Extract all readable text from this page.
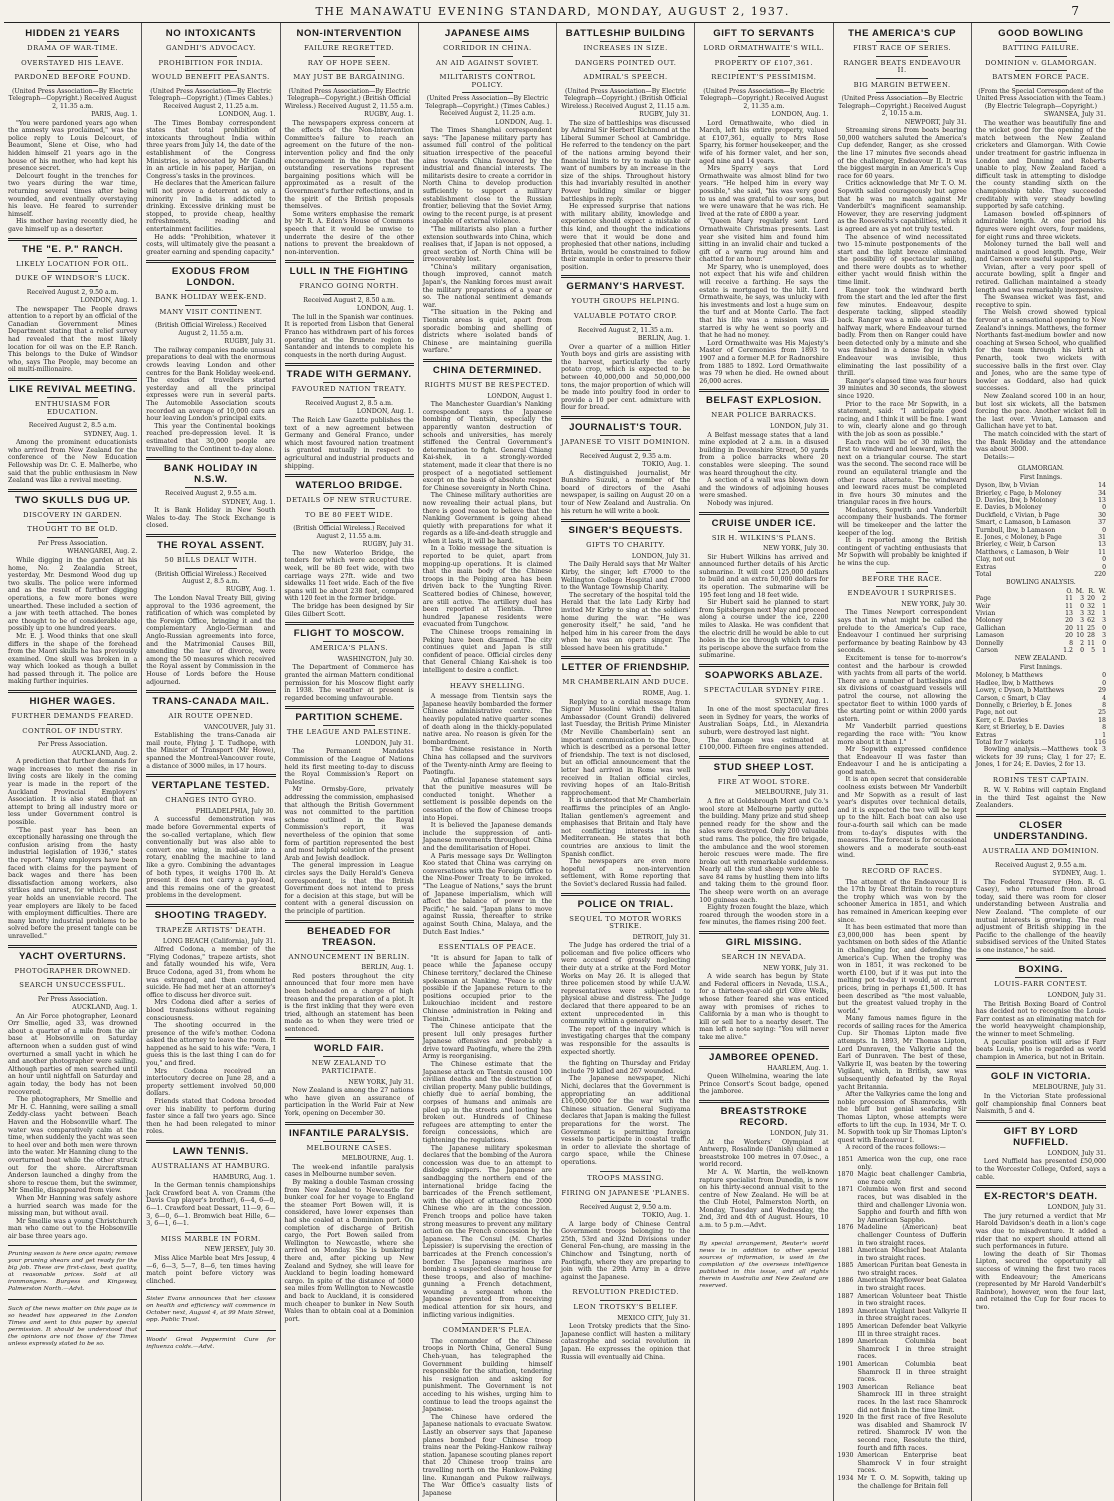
THE MANAWATU EVENING STANDARD, MONDAY, AUGUST 2, 1937.	7
HIDDEN 21 YEARS
DRAMA OF WAR-TIME.
OVERSTAYED HIS LEAVE.
PARDONED BEFORE FOUND.
(United Press Association—By Electric Telegraph—Copyright.) Received August 2, 11.35 a.m.
PARIS, Aug. 1.

"You were pardoned years ago when the amnesty was proclaimed," was the police reply to Louis Delcourt, of Beaumont, Slene et Oise, who had hidden himself 21 years ago in the house of his mother, who had kept his presence secret.

Delcourt fought in the trenches for two years during the war time, returning several times after being wounded, and eventually overstaying his leave. He feared to surrender himself.

His mother having recently died, he gave himself up as a deserter.

THE "E. P." RANCH.
LIKELY LOCATION FOR OIL.
DUKE OF WINDSOR'S LUCK.
Received August 2, 9.50 a.m.
LONDON, Aug. 1.

The newspaper The People draws attention to a report by an official of the Canadian Government Mines Department stating that a relief survey had revealed that the most likely location for oil was on the E.P. Ranch. This belongs to the Duke of Windsor who, says The People, may become an oil multi-millionaire.

LIKE REVIVAL MEETING.
ENTHUSIASM FOR EDUCATION.
Received August 2, 8.5 a.m.
SYDNEY, Aug. 1.

Among the prominent educationists who arrived from New Zealand for the conference of the New Education Fellowship was Dr. C. E. Malherbe, who said that the public enthusiasm in New Zealand was like a revival meeting.

TWO SKULLS DUG UP.
DISCOVERY IN GARDEN.
THOUGHT TO BE OLD.
Per Press Association.
WHANGAREI, Aug. 2.

While digging in the garden at his home, No. 2 Zealandia Street, yesterday, Mr. Desmond Wood dug up two skulls. The police were informed and as the result of further digging operations, a few more bones were unearthed. These included a section of a jaw with teeth attached. The bones are thought to be of considerable age, possibly up to one hundred years.

Mr. E. J. Wood thinks that one skull differs in the shape of the forehead from the Maori skulls he has previously examined. One skull was broken in a way which looked as though a bullet had passed through it. The police are making further inquiries.

HIGHER WAGES.
FURTHER DEMANDS FEARED.
CONTROL OF INDUSTRY.
Per Press Association.
AUCKLAND, Aug. 2.

A prediction that further demands for wage increases to meet the rise in living costs are likely in the coming year is made in the report of the Auckland Provincial Employers' Association. It is also stated that an attempt to bring all industry more or less under Government control is possible.

"The past year has been an exceptionally harassing one through the confusion arising from the hasty industrial legislation of 1936," states the report. "Many employers have been faced with claims for the payment of back wages and there has been dissatisfaction among workers, also strikes and unrest, for which the past year holds an unenviable record. The year employers are likely to be faced with employment difficulties. There are many knotty industrial problems to be solved before the present tangle can be unravelled."

YACHT OVERTURNS.
PHOTOGRAPHER DROWNED.
SEARCH UNSUCCESSFUL.
Per Press Association.
AUCKLAND, Aug. 1.

An Air Force photographer, Leonard Orr Smellie, aged 33, was drowned about a quarter of a mile from the air base at Hobsonville on Saturday afternoon when a sudden gust of wind overturned a small yacht in which he and another photographer were sailing. Although parties of men searched until an hour until nightfall on Saturday and again today, the body has not been recovered.

The photographers, Mr Smellie and Mr H. C. Hanning, were sailing a small Zeddy-class yacht between Beach Haven and the Hobsonville wharf. The water was comparatively calm at the time, when suddenly the yacht was seen to heel over and both men were thrown into the water. Mr Hanning clung to the overturned boat while the other struck out for the shore. Aircraftsman Anderson launched a dinghy from the shore to rescue them, but the swimmer, Mr Smellie, disappeared from view.

When Mr Hanning was safely ashore a hurried search was made for the missing man, but without avail.

Mr Smellie was a young Christchurch man who came out to the Hobsonville air base three years ago.

Pruning season is here once again; remove your pruning shears and get ready for the big job. These are first-class, best quality, at reasonable prices. Sold at all ironmongers. Burgess and Kingsway, Palmerston North.—Advt.

Such of the news matter on this page as is so headed has appeared in the London Times and sent to this paper by special permission. It should be understood that the opinions are not those of the Times unless expressly stated to be so.

NO INTOXICANTS
GANDHI'S ADVOCACY.
PROHIBITION FOR INDIA.
WOULD BENEFIT PEASANTS.
(United Press Association—By Electric Telegraph—Copyright.) (Times Cables.) Received August 2, 11.25 a.m.
LONDON, Aug. 1.

The Times Bombay correspondent states that total prohibition of intoxicants throughout India within three years from July 14, the date of the establishment of the Congress Ministries, is advocated by Mr Gandhi in an article in his paper, Harijan, on Congress's tasks in the provinces.

He declares that the American failure will not prove a deterrent as only a minority in India is addicted to drinking. Excessive drinking must be stopped, to provide cheap, healthy refreshments, reading and entertainment facilities.

He adds: "Prohibition, whatever it costs, will ultimately give the peasant a greater earning and spending capacity."

EXODUS FROM LONDON.
BANK HOLIDAY WEEK-END.
MANY VISIT CONTINENT.
(British Official Wireless.) Received August 2, 11.55 a.m.
RUGBY, July 31.

The railway companies made unusual preparations to deal with the enormous crowds leaving London and other centres for the Bank Holiday week-end. The exodus of travellers started yesterday and all the principal expresses were run in several parts. The Automobile Association scouts recorded an average of 10,000 cars an hour leaving London's principal exits.

This year the Continental bookings reached pre-depression level. It is estimated that 30,000 people are travelling to the Continent to-day alone.

BANK HOLIDAY IN N.S.W.
Received August 2, 9.55 a.m.
SYDNEY, Aug. 1.

It is Bank Holiday in New South Wales to-day. The Stock Exchange is closed.

THE ROYAL ASSENT.
50 BILLS DEALT WITH.
(British Official Wireless.) Received August 2, 8.5 a.m.
RUGBY, Aug. 1.

The London Naval Treaty Bill, giving approval to the 1936 agreement, the ratification of which was completed by the Foreign Office, bringing it and the complementary Anglo-German and Anglo-Russian agreements into force, and the Matrimonial Causes Bill, amending the law of divorce, were among the 50 measures which received the Royal assent by Commission in the House of Lords before the House adjourned.

TRANS-CANADA MAIL.
AIR ROUTE OPENED.
VANCOUVER, July 31.

Establishing the trans-Canada air mail route, Flying J. T. Tudhope, with the Minister of Transport (Mr Howe), spanned the Montreal-Vancouver route, a distance of 3000 miles, in 17 hours.

VERTAPLANE TESTED.
CHANGES INTO GYRO.
PHILADELPHIA, July 30.

A successful demonstration was made before Governmental experts of the so-called vertaplane, which flew conventionally but was also able to convert one wing, in mid-air into a rotary, enabling the machine to land like a gyro. Combining the advantages of both types, it weighs 1700 lb. At present it does not carry a pay-load, and this remains one of the greatest problems in the development.

SHOOTING TRAGEDY.
TRAPEZE ARTISTS' DEATH.
LONG BEACH (California), July 31.

Alfred Codona, a member of the "Flying Codonas," trapeze artists, shot and fatally wounded his wife, Vera Bruce Codona, aged 31, from whom he was estranged, and then committed suicide. He had met her at an attorney's office to discuss her divorce suit.

Mrs Codona died after a series of blood transfusions without regaining consciousness.

The shooting occurred in the presence of the wife's mother. Codona asked the attorney to leave the room. It happened as he said to his wife: "Vera, I guess this is the last thing I can do for you," and fired.

Mrs Codona received an interlocutory decree on June 28, and a property settlement involved 50,000 dollars.

Friends stated that Codona brooded over his inability to perform during faster since a fall two years ago. Since then he had been relegated to minor roles.

LAWN TENNIS.
AUSTRALIANS AT HAMBURG.
HAMBURG, Aug. 1.

In the German tennis championships Jack Crawford beat A. von Cramm (the Davis Cup player's brother), 6—4, 6—0, 6—1. Crawford beat Dessart, 11—9, 6—3, 6—0, 6—1. Bromwich beat Hille, 6—3, 6—1, 6—1.

MISS MARBLE IN FORM.
NEW JERSEY, July 30.

Miss Alice Marble beat Mrs Jessup, 4—6, 6—3, 5—7, 8—6, ten times having match point before victory was clinched.

Sister Evans announces that her classes on health and efficiency will commence in October next, August 4, at 99 Main Street, opp. Public Trust.

Woods' Great Peppermint Cure for influenza colds.—Advt.

NON-INTERVENTION
FAILURE REGRETTED.
RAY OF HOPE SEEN.
MAY JUST BE BARGAINING.
(United Press Association—By Electric Telegraph—Copyright.) (British Official Wireless.) Received August 2, 11.55 a.m.
RUGBY, Aug. 1.

The newspapers express concern at the effects of the Non-Intervention Committee's failure to reach an agreement on the future of the non-intervention policy and find the only encouragement in the hope that the outstanding reservations represent bargaining positions which will be approximated as a result of the Government's further reflections, and in the spirit of the British proposals themselves.

Some writers emphasise the remark by Mr R. A. Eden's House of Commons speech that it would be unwise to underrate the desire of the other nations to prevent the breakdown of non-intervention.

LULL IN THE FIGHTING
FRANCO GOING NORTH.
Received August 2, 8.50 a.m.
LONDON, Aug. 1.

The lull in the Spanish war continues. It is reported from Lisbon that General Franco has withdrawn part of his forces operating at the Brunete region to Santander and intends to complete his conquests in the north during August.

TRADE WITH GERMANY.
FAVOURED NATION TREATY.
Received August 2, 8.5 a.m.
LONDON, Aug. 1.

The Reich Law Gazette publishes the text of a new agreement between Germany and General Franco, under which most favoured nation treatment is granted mutually in respect to agricultural and industrial products and shipping.

WATERLOO BRIDGE.
DETAILS OF NEW STRUCTURE.
TO BE 80 FEET WIDE.
(British Official Wireless.) Received August 2, 11.55 a.m.
RUGBY, July 31.

The new Waterloo Bridge, the tenders for which were accepted this week, will be 80 feet wide, with two carriage ways 27ft. wide and two sidewalks 11 feet wide. Each of the five spans will be about 238 feet, compared with 120 feet in the former bridge.

The bridge has been designed by Sir Giles Gilbert Scott.

FLIGHT TO MOSCOW.
AMERICA'S PLANS.
WASHINGTON, July 30.

The Department of Commerce has granted the airman Mattern conditional permission for his Moscow flight early in 1938. The weather at present is regarded becoming unfavourable.

PARTITION SCHEME.
THE LEAGUE AND PALESTINE.
LONDON, July 31.

The Permanent Mandates Commission of the League of Nations held its first meeting to-day to discuss the Royal Commission's Report on Palestine.

Mr Ormsby-Gore, privately addressing the commission, emphasised that although the British Government was not committed to the partition scheme outlined in the Royal Commission's report, it was nevertheless of the opinion that some form of partition represented the best and most helpful solution of the present Arab and Jewish deadlock.

The general impression in League circles says the Daily Herald's Geneva correspondent, is that the British Government does not intend to press for a decision at this stage, but will be content with a general discussion on the principle of partition.

BEHEADED FOR TREASON.
ANNOUNCEMENT IN BERLIN.
BERLIN, Aug. 1.

Red posters throughout the city announced that four more men have been beheaded on a charge of high treason and the preparation of a plot. It is the first inkling that they were even tried, although an statement has been made as to when they were tried or sentenced.

WORLD FAIR.
NEW ZEALAND TO PARTICIPATE.
NEW YORK, July 31.

New Zealand is among the 27 nations who have given an assurance of participation in the World Fair at New York, opening on December 30.

INFANTILE PARALYSIS.
MELBOURNE CASES.
MELBOURNE, Aug. 1.

The week-end infantile paralysis cases in Melbourne number seven.

By making a double Tasman crossing from New Zealand to Newcastle for bunker coal for her voyage to England the steamer Port Bowen will, it is considered, have lower expenses than had she coaled at a Dominion port. On completion of discharge of British cargo, the Port Bowen sailed from Wellington to Newcastle, where she arrived on Monday. She is bunkering there and, after picking up New Zealand and Sydney, she will leave for Auckland to begin loading homeward cargo. In spite of the distance of 5000 sea miles from Wellington to Newcastle and back to Auckland, it is considered much cheaper to bunker in New South Wales than to obtain coal at a Dominion port.

JAPANESE AIMS
CORRIDOR IN CHINA.
AN AID AGAINST SOVIET.
MILITARISTS CONTROL POLICY.
(United Press Association—By Electric Telegraph—Copyright.) (Times Cables.) Received August 2, 11.25 a.m.
LONDON, Aug. 1.

The Times Shanghai correspondent says: "The Japanese military party has assumed full control of the political situation irrespective of the peaceful aims towards China favoured by the industrial and financial interests. The militarists desire to create a corridor in North China to develop production sufficiently to support a military establishment close to the Russian frontier, believing that the Soviet Army, owing to the recent purge, is at present incapable of external violence.

"The militarists also plan a further extension southwards into China, which realises that, if Japan is not opposed, a great section of North China will be irrecoverably lost.

"China's military organisation, though improved, cannot match Japan's, the Nanking forces must await the military preparations of a year or so. The national sentiment demands war.

"The situation in the Peking and Tientsin areas is quiet, apart from sporadic bombing and shelling of districts where isolated bands of Chinese are maintaining guerilla warfare."

CHINA DETERMINED.
RIGHTS MUST BE RESPECTED.
LONDON, August 1.

The Manchester Guardian's Nanking correspondent says the Japanese bombing of Tientsin, especially the apparently wanton destruction of schools and universities, has merely stiffened the Central Government's determination to fight. General Chiang Kai-shek, in a strongly-worded statement, made it clear that there is no prospect of a negotiated settlement except on the basis of absolute respect for Chinese sovereignty in North China.

The Chinese military authorities are now revealing their actual plans, but there is good reason to believe that the Nanking Government is going ahead quietly with preparations for what it regards as a life-and-death struggle and when it lasts, it will be hard.

In a Tokio message the situation is reported to be quiet, apart from mopping-up operations. It is claimed that the main body of the Chinese troops in the Peiping area has been driven back to the Yungting River. Scattered bodies of Chinese, however, are still active. The artillery duel has been reported at Tientsin. Three hundred Japanese residents were evacuated from Tungchow.

The Chinese troops remaining in Peking have been disarmed. The city continues quiet and Japan is still confident of peace. Official circles deny that General Chiang Kai-shek is too intelligent to desire a conflict.

HEAVY SHELLING.

A message from Tientsin says the Japanese heavily bombarded the former Chinese administrative centre. The heavily populated native quarter scenes of death along in the thickly-populated native area. No reason is given for the bombardment.

The Chinese resistance in North China has collapsed and the survivors of the Twenty-ninth Army are fleeing to Paotingfu.

An official Japanese statement says that the punitive measures will be conducted tonight. Whether a settlement is possible depends on the cessation of the flow of Chinese troops into Hopei.

It is believed the Japanese demands include the suppression of anti-Japanese movements throughout China and the demilitarisation of Hopei.

A Paris message says Dr. Wellington Koo stated that China was carrying on conversations with the Foreign Office to the Nine-Power Treaty to be invoked. "The League of Nations," says the brunt of Japanese imperialism, which will affect the balance of power in the Pacific," he said. "Japan plans to move against Russia, thereafter to strike against South China, Malaya, and the Dutch East Indies."

ESSENTIALS OF PEACE.

"It is absurd for Japan to talk of peace while the Japanese occupy Chinese territory," declared the Chinese spokesman at Nanking. "Peace is only possible if the Japanese return to the positions occupied prior to the Lukouchiao incident and restore Chinese administration in Peking and Tientsin."

The Chinese anticipate that the present lull only presages further Japanese offensives and probably a drive toward Paotingfu, where the 29th Army is reorganising.

The Chinese estimate that the Japanese attack on Tientsin caused 100 civilian deaths and the destruction of civilian property. Many public buildings, chiefly due to aerial bombing, the corpses of humans and animals are piled up in the streets and looting has broken out. Hundreds of Chinese refugees are attempting to enter the foreign concessions, which are tightening the regulations.

The Japanese military spokesman declares that the bombing of the Aurora concession was due to an attempt to dislodge snipers. The Japanese are sandbagging the northern end of the international bridge facing the barricades of the French settlement, with the object of attacking the 2000 Chinese who are in the concession. French troops and police have taken strong measures to prevent any military action on the French concession by the Japanese. The Consul (M. Charles Lepissier) is supervising the erection of barricades at the French concession's border. The Japanese marines are bombing a suspected clearing house for these troops, and also of machine-gunning a French detachment, wounding a sergeant whom the Japanese prevented from receiving medical attention for six hours, and inflicting various indignities.

COMMANDER'S PLEA.

The commander of the Chinese troops in North China, General Sung Cheh-yuan, has telegraphed the Government building himself responsible for the situation, tendering his resignation and asking for punishment. The Government is not acceding to his wishes, urging him to continue to lead the troops against the Japanese.

The Chinese have ordered the Japanese nationals to evacuate Swatow. Lastly an observer says that Japanese planes bombed four Chinese troop trains near the Peking-Hankow railway station. Japanese scouting planes report that 20 Chinese troop trains are travelling north on the Hankow-Peking line. Kunangan and Pukow railways. The War Office's casualty lists of Japanese

BATTLESHIP BUILDING
INCREASES IN SIZE.
DANGERS POINTED OUT.
ADMIRAL'S SPEECH.
(United Press Association—By Electric Telegraph—Copyright.) (British Official Wireless.) Received August 2, 11.15 a.m.
RUGBY, July 31.

The size of battleships was discussed by Admiral Sir Herbert Richmond at the Liberal Summer School at Cambridge. He referred to the tendency on the part of the nations arming beyond their financial limits to try to make up their want of numbers by an increase in the size of the ships. Throughout history this had invariably resulted in another Power building similar or bigger battleships in reply.

He expressed surprise that nations with military ability, knowledge and experience should expect a mistake of this kind, and thought the indications were that it would be done and prophesied that other nations, including Britain, would be constrained to follow their example in order to preserve their position.

GERMANY'S HARVEST.
YOUTH GROUPS HELPING.
VALUABLE POTATO CROP.
Received August 2, 11.35 a.m.
BERLIN, Aug. 1.

Over a quarter of a million Hitler Youth boys and girls are assisting with the harvest, particularly the early potato crop, which is expected to be between 40,000,000 and 50,000,000 tons, the major proportion of which will be made into poultry food in order to provide a 10 per cent. admixture with flour for bread.

JOURNALIST'S TOUR.
JAPANESE TO VISIT DOMINION.
Received August 2, 9.35 a.m.
TOKIO, Aug. 1.

A distinguished journalist, Mr Bunshiro Suzuki, a member of the board of directors of the Asahi newspaper, is sailing on August 20 on a tour of New Zealand and Australia. On his return he will write a book.

SINGER'S BEQUESTS.
GIFTS TO CHARITY.
LONDON, July 31.

The Daily Herald says that Mr Walter Kirby, the singer, left £7000 to the Wellington College Hospital and £7000 to the Wantage Township Charity.

The secretary of the hospital told the Herald that the late Lady Kirby had invited Mr Kirby to sing at the soldiers' home during the war. "He was generosity itself," he said, "and he helped him in his career from the days when he was an opera singer. The blessed have been his gratitude."

LETTER OF FRIENDSHIP.
MR CHAMBERLAIN AND DUCE.
ROME, Aug. 1.

Replying to a cordial message from Signor Mussolini which the Italian Ambassador (Count Grandi) delivered last Tuesday, the British Prime Minister (Mr Neville Chamberlain) sent an important communication to the Duce, which is described as a personal letter of friendship. The text is not disclosed, but an official announcement that the letter had arrived in Rome was well received in Italian official circles, reviving hopes of an Italo-British rapprochement.

It is understood that Mr Chamberlain reaffirms the principles of an Anglo-Italian gentlemen's agreement and emphasises that Britain and Italy have not conflicting interests in the Mediterranean. He states that both countries are anxious to limit the Spanish conflict.

The newspapers are even more hopeful of a non-intervention settlement, with Rome reporting that the Soviet's declared Russia had failed.

POLICE ON TRIAL.
SEQUEL TO MOTOR WORKS STRIKE.
DETROIT, July 31.

The Judge has ordered the trial of a policeman and five police officers who were accused of grossly neglecting their duty at a strike at the Ford Motor Works on May 26. It is alleged that three policemen stood by while U.A.W. representatives were subjected to physical abuse and distress. The Judge declared that there appeared to be an extent unprecedented in this community within a generation."

The report of the inquiry which is investigating charges that the company was responsible for the assaults is expected shortly.

the fighting on Thursday and Friday include 79 killed and 267 wounded.

The Japanese newspaper, Nichi Nichi, declares that the Government is appropriating an additional £16,000,000 for the war with the Chinese situation. General Sugiyama declares that Japan is making the fullest preparations for the worst. The Government is permitting foreign vessels to participate in coastal traffic in order to alleviate the shortage of cargo space, while the Chinese operations.

TROOPS MASSING.
FIRING ON JAPANESE 'PLANES.
Received August 2, 9.50 a.m.
TOKIO, Aug. 1.

A large body of Chinese Central Government troops belonging to the 25th, 53rd and 32nd Divisions under General Fen-chung, are massing in the Chinchow and Tsingtung, north of Paotingfu, where they are preparing to join with the 29th Army in a drive against the Japanese.

REVOLUTION PREDICTED.
LEON TROTSKY'S BELIEF.
MEXICO CITY, July 31.

Leon Trotsky predicts that the Sino-Japanese conflict will hasten a military catastrophe and social revolution in Japan. He expresses the opinion that Russia will eventually aid China.

GIFT TO SERVANTS
LORD ORMATHWAITE'S WILL.
PROPERTY OF £107,361.
RECIPIENT'S PESSIMISM.
(United Press Association—By Electric Telegraph—Copyright.) Received August 2, 11.35 a.m.
LONDON, Aug. 1.

Lord Ormathwaite, who died in March, left his entire property, valued at £107,361, equally to Mrs Rose Sparry, his former housekeeper, and the wife of his former valet, and her son, aged nine and 14 years.

Mrs Sparry says that Lord Ormathwaite was almost blind for two years. "He helped him in every way possible," she said, "his was very good to us and was grateful to our sons, but we were unaware that he was rich. He lived at the rate of £800 a year.

"Queen Mary regularly sent Lord Ormathwaite Christmas presents. Last year she visited him and found him sitting in an invalid chair and tucked a gift of a warm rug around him and chatted for an hour."

Mr Sparry, who is unemployed, does not expect that his wife and children will receive a farthing. He says the estate is mortgaged to the hilt. Lord Ormathwaite, he says, was unlucky with his investments and lost a huge sum on the turf and at Monte Carlo. The fact that his life was a mission was ill-starred is why he went so poorly and that he had no money.

Lord Ormathwaite was His Majesty's Master of Ceremonies from 1893 to 1907 and a former M.P. for Radnorshire from 1885 to 1892. Lord Ormathwaite was 79 when he died. He owned about 26,000 acres.

BELFAST EXPLOSION.
NEAR POLICE BARRACKS.
LONDON, July 31.

A Belfast message states that a land mine exploded at 2 a.m. in a disused building in Devonshire Street, 50 yards from a police barracks where 20 constables were sleeping. The sound was heard throughout the city.

A section of a wall was blown down and the windows of adjoining houses were smashed.

Nobody was injured.

CRUISE UNDER ICE.
SIR H. WILKINS'S PLANS.
NEW YORK, July 30.

Sir Hubert Wilkins has arrived and announced further details of his Arctic submarine. It will cost 125,000 dollars to build and an extra 50,000 dollars for its operation. The submarine will be 195 feet long and 18 feet wide.

Sir Hubert said he planned to start from Spitsbergen next May and proceed along a course under the ice, 2200 miles to Alaska. He was confident that the electric drill he would be able to cut holes in the ice through which to raise its periscope above the surface from the submarine.

SOAPWORKS ABLAZE.
SPECTACULAR SYDNEY FIRE.
SYDNEY, Aug. 1.

In one of the most spectacular fires seen in Sydney for years, the works of Australian Soaps, Ltd., in Alexandria suburb, were destroyed last night.

The damage was estimated at £100,000. Fifteen fire engines attended.

STUD SHEEP LOST.
FIRE AT WOOL STORE.
MELBOURNE, July 31.

A fire at Goldsbrough Mort and Co.'s wool store at Melbourne partly gutted the building. Many prize and stud sheep penned ready for the show and the sales were destroyed. Only 200 valuable stud rams. The police, the fire brigade, the ambulance and the wool storemen heroic rescues were made. The fire broke out with remarkable suddenness. Nearly all the stud sheep were able to save 84 rams by hustling them into lifts and taking them to the ground floor. The sheep were worth on an average 100 guineas each.

Eighty frozen fought the blaze, which roared through the wooden store in a few minutes, the flames rising 200 feet.

GIRL MISSING.
SEARCH IN NEVADA.
NEW YORK, July 31.

A wide search has begun by State and Federal officers in Nevada, U.S.A., for a thirteen-year-old girl Olive Wells, whose father feared she was enticed away with promises of riches to California by a man who is thought to kill or sell her to a nearby desert. The man left a note saying: "You will never take me alive."

JAMBOREE OPENED.
HAARLEM, Aug. 1.

Queen Wilhelmina, wearing the late Prince Consort's Scout badge, opened the jamboree.

BREASTSTROKE RECORD.
LONDON, July 31.

At the Workers' Olympiad at Antwerp, Rosalinde (Danish) claimed a breaststroke 100 metres in 07.0sec., a world record.

Mr A. W. Martin, the well-known rapture specialist from Dunedin, is now on his thirty-second annual visit to the centre of New Zealand. He will be at the Club Hotel, Palmerston North, on Monday, Tuesday and Wednesday, the 2nd, 3rd and 4th of August. Hours, 10 a.m. to 5 p.m.—Advt.

By special arrangement, Reuter's world news is in addition to other special sources of information, is used in the compilation of the overseas intelligence published in this issue, and all rights therein in Australia and New Zealand are reserved.

THE AMERICA'S CUP
FIRST RACE OF SERIES.
RANGER BEATS ENDEAVOUR II.
BIG MARGIN BETWEEN.
(United Press Association—By Electric Telegraph—Copyright.) Received August 2, 10.15 a.m.
NEWPORT, July 31.

Streaming sirens from boats bearing 50,000 watchers saluted the America's Cup defender, Ranger, as she crossed the line 17 minutes five seconds ahead of the challenger, Endeavour II. It was the biggest margin in an America's Cup race for 60 years.

Critics acknowledge that Mr T. O. M. Sopwith sailed courageously but agree that he was no match against Mr Vanderbilt's magnificent seamanship. However, they are reserving judgment as the Roosevelts's capabilities, which it is agreed are as yet not truly tested.

The absence of wind necessitated two 15-minute postponements of the start and the light breeze eliminated the possibility of spectacular sailing, and there were doubts as to whether either yacht would finish within the time limit.

Ranger took the windward berth from the start and the led after the first few minutes. Endeavour, despite desperate tacking, slipped steadily back. Ranger was a mile ahead at the halfway mark, where Endeavour turned badly. From then on Ranger could have been detected only by a minute and she was finished in a dense fog in which Endeavour was invisible, thus eliminating the last possibility of a thrill.

Ranger's elapsed time was four hours 39 minutes and 30 seconds, the slowest since 1920.

Prior to the race Mr Sopwith, in a statement, said: "I anticipate good racing, and I think it will be fine. I want to win, clearly alone and go through with the job as soon as possible."

Each race will be of 30 miles, the first to windward and leeward, with the next on a triangular course. The start was the second. The second race will be round an equilateral triangle and the other races alternate. The windward and leeward races must be completed in five hours 30 minutes and the triangular races in five hours.

Mediators, Sopwith and Vanderbilt accompany their husbands. The former will be timekeeper and the latter the keeper of the log.

It is reported among the British contingent of yachting enthusiasts that Mr Sopwith will probably be knighted if he wins the cup.

BEFORE THE RACE.
ENDEAVOUR I SURPRISES.
NEW YORK, July 30.

The Times Newport correspondent says that in what might be called the prelude to the America's Cup race, Endeavour I continued her surprising performance by beating Rainbow by 43 seconds.

Excitement is tense for to-morrow's contest and the harbour is crowded with yachts from all parts of the world. There are a number of battleships and six divisions of coastguard vessels will patrol the course, not allowing the spectator fleet to within 1000 yards of the starting point or within 2000 yards astern.

Mr Vanderbilt parried questions regarding the race with: "You know more about it than I."

Mr Sopwith expressed confidence that Endeavour II was faster than Endeavour I and he is anticipating a good match.

It is an open secret that considerable coolness exists between Mr Vanderbilt and Mr Sopwith as a result of last year's disputes over technical details, and it is expected the two will be kept up to the hilt. Each boat can also use four-a-fourth sail which can be made from to-day's disputes with the measures. The forecast is for occasional showers and a moderate south-east wind.

RECORD OF RACES.

The attempt of the Endeavour II is the 17th by Great Britain to recapture the trophy which was won by the schooner America in 1851, and which has remained in American keeping ever since.

It has been estimated that more than £3,000,000 has been spent by yachtsmen on both sides of the Atlantic in challenging for, and defending the America's Cup. When the trophy was won in 1851, it was reckoned to be worth £100, but if it was put into the melting pot to-day it would, at current prices, bring in perhaps £1,500. It has been described as "the most valuable, but the greatest valued trophy in the world."

Many famous names figure in the records of sailing races for the America Cup. Sir Thomas Lipton made five attempts. In 1893, Mr Thomas Lipton, Lord Dunraven, the Valkyrie and the Earl of Dunraven. The best of these, Valkyrie II, was beaten by the towering Vigilant, which, in British, saw was subsequently defeated by the Royal yacht Britannia.

After the Valkyries came the long and noble procession of Shamrocks, with the bluff but genial seafaring Sir Thomas Lipton, whose attempts were efforts to lift the cup. In 1934, Mr T. O. M. Sopwith took up Sir Thomas Lipton's quest with Endeavour I.

A record of the races follows:—

1851 America won the cup, one race only.
1870 Magic beat challenger Cambria, one race only.
1871 Columbia won first and second races, but was disabled in the third and challenger Livonia won. Sappho and fourth and fifth won by American Sappho.
1876 Madeline (American) beat challenger Countess of Dufferin in two straight races.
1881 American Mischief beat Atalanta in two straight races.
1885 American Puritan beat Genesta in two straight races.
1886 American Mayflower beat Galatea in two straight races.
1887 American Volunteer beat Thistle in two straight races.
1893 American Vigilant beat Valkyrie II in three straight races.
1895 American Defender beat Valkyrie III in three straight races.
1899 American Columbia beat Shamrock I in three straight races.
1901 American Columbia beat Shamrock II in three straight races.
1903 American Reliance beat Shamrock III in three straight races. In the last race Shamrock did not finish in the time limit.
1920 In the first race of five Resolute was disabled and Shamrock IV retired. Shamrock IV won the second race, Resolute the third, fourth and fifth races.
1930 American Enterprise beat Shamrock V in four straight races.
1934 Mr T. O. M. Sopwith, taking up the challenge for Britain fell
GOOD BOWLING
BATTING FAILURE.
DOMINION v. GLAMORGAN.
BATSMEN FORCE PACE.
(From the Special Correspondent of the United Press Association with the Team.) (By Electric Telegraph—Copyright.)
SWANSEA, July 31.

The weather was beautifully fine and the wicket good for the opening of the match between the New Zealand cricketers and Glamorgan. With Cowie under treatment for gastric influenza in London and Dunning and Roberts unable to play, New Zealand faced a difficult task in attempting to dislodge the county standing sixth on the championship table. They succeeded creditably with very steady bowling supported by safe catching.

Lamason bowled off-spinners of admirable length. At one period his figures were eight overs, four maidens, for eight runs and three wickets.

Moloney turned the ball well and maintained a good length. Page, Weir and Carson were useful supports.

Vivian, after a very poor spell of accurate bowling, split a finger and retired. Gallichan maintained a steady length and was remarkably inexpensive.

The Swansea wicket was fast, and receptive to spin.

The Welsh crowd showed typical fervour at a sensational opening to New Zealand's innings. Matthews, the former Northants fast-medium bowler and now coaching at Swsea School, who qualified for the team through his birth at Penarth, took two wickets with successive balls in the first over. Clay and Jones, who are the same type of bowler as Goddard, also had quick successes.

New Zealand scored 100 in an hour, but lost six wickets, all the batsmen forcing the pace. Another wicket fell in the last over. Vivian, Lamason and Gallichan have yet to bat.

The match coincided with the start of the Bank Holiday and the attendance was about 3000.

Details:—

GLAMORGAN.
First Innings.
Dyson, lbw, b Vivian	14
Brierley, c Page, b Moloney	34
D. Davies, lbw, b Moloney	13
E. Davies, b Moloney	0
Duckfield, c Vivian, b Page	30
Smart, c Lamason, b Lamason	37
Turnbull, lbw, b Lamason	0
E. Jones, c Moloney, b Page	31
Brierley, c Weir, b Carson	13
Matthews, c Lamason, b Weir	11
Clay, not out	0
Extras	0
Total	220
BOWLING ANALYSIS.
O. M. R. W.
Page	11	3 20	2
Weir	11	0 32	1
Vivian	13	3 32	1
Moloney	20	3 62	3
Gallichan	20 11 25	0
Lamason	20 10 28	3
Donnelly	8	2 11	0
Carson	1.2	0	5	1
NEW ZEALAND.
First Innings.
Moloney, b Matthews	0
Hadlee, lbw, b Matthews	0
Lowry, c Dyson, b Matthews	29
Carson, c Smart, b Clay	4
Donnelly, c Brierley, b E. Jones	8
Page, not out	25
Kerr, c E. Davies	18
Kerr, st Brierley, b E. Davies	8
Extras	1
Total for 7 wickets	116

Bowling analysis.—Matthews took 3 wickets for 39 runs; Clay, 1 for 27; E. Jones, 1 for 24; E. Davies, 2 for 13.

ROBINS TEST CAPTAIN.

R. W. V. Robins will captain England in the third Test against the New Zealanders.

CLOSER UNDERSTANDING.
AUSTRALIA AND DOMINION.
Received August 2, 9.55 a.m.
SYDNEY, Aug. 1.

The Federal Treasurer (Hon. R. G. Casey), who returned from abroad today, said there was room for closer understanding between Australia and New Zealand. "The complete of our mutual interests is growing. The real adjustment of British shipping in the Pacific to the challenge of the heavily subsidised services of the United States is one instance," he said.

BOXING.
LOUIS-FARR CONTEST.
LONDON, July 31.

The British Boxing Board of Control has decided not to recognise the Louis-Farr contest as an eliminating match for the world heavyweight championship, the winner to meet Schmeling.

A peculiar position will arise if Farr beats Louis, who is regarded as world champion in America, but not in Britain.

GOLF IN VICTORIA.
MELBOURNE, July 31.

In the Victorian State professional golf championship final Conners beat Naismith, 5 and 4.

GIFT BY LORD NUFFIELD.
LONDON, July 31.

Lord Nuffield has presented £50,000 to the Worcester College, Oxford, says a cable.

EX-RECTOR'S DEATH.
LONDON, July 31.

The jury returned a verdict that Mr Harold Davidson's death in a lion's cage was due to misadventure. It added a rider that no expert should attend all such performances in future.

lowing the death of Sir Thomas Lipton, secured the opportunity all success of winning the first two races with Endeavour; the Americans (represented by Mr Harold Vanderbilt's Rainbow), however, won the four last, and retained the Cup for four races to two.
